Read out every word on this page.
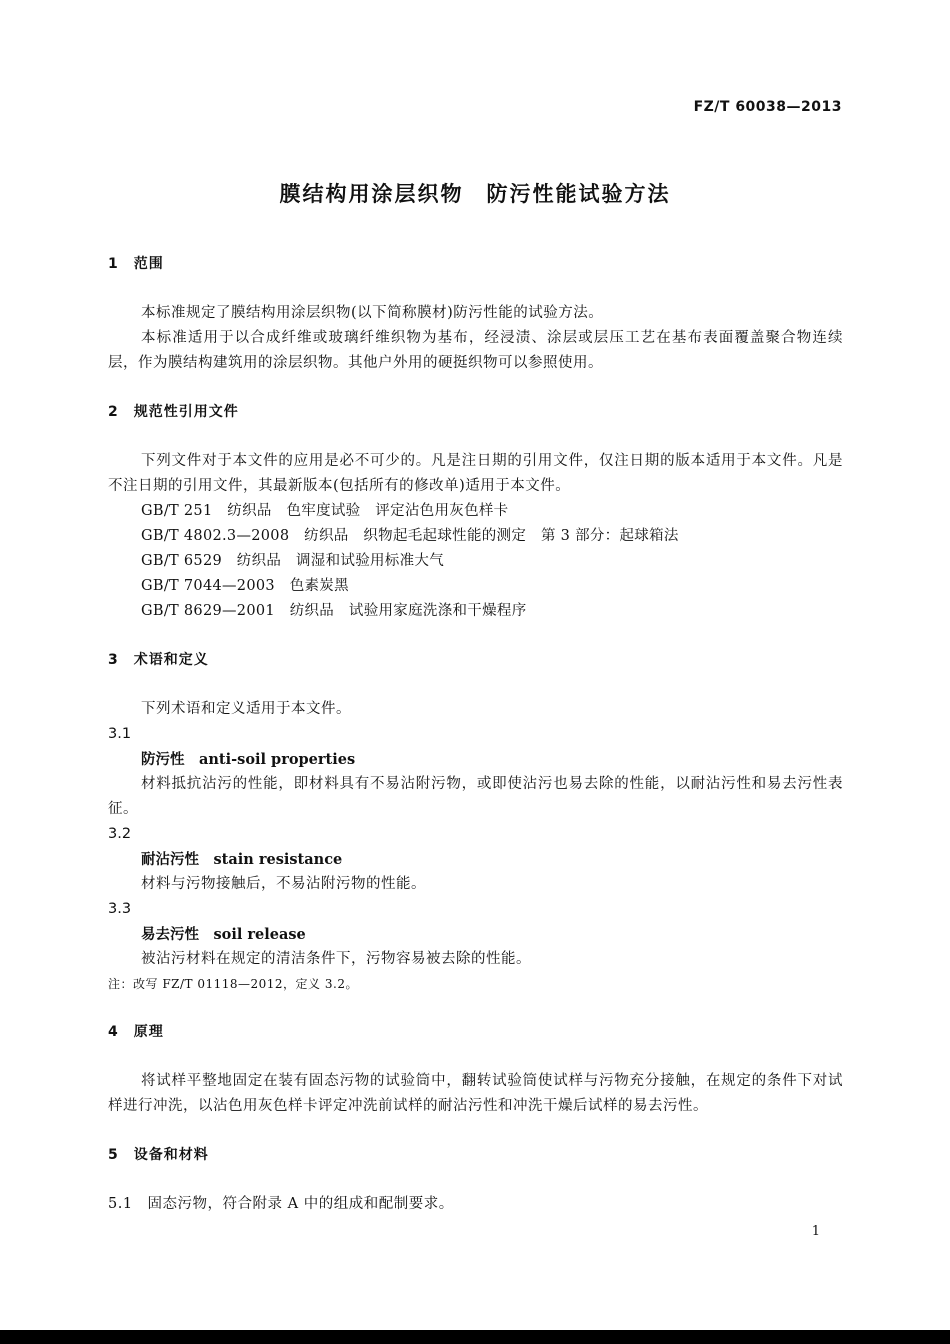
FZ/T 60038—2013
膜结构用涂层织物　防污性能试验方法
1　范围
本标准规定了膜结构用涂层织物(以下简称膜材)防污性能的试验方法。
本标准适用于以合成纤维或玻璃纤维织物为基布，经浸渍、涂层或层压工艺在基布表面覆盖聚合物连续层，作为膜结构建筑用的涂层织物。其他户外用的硬挺织物可以参照使用。
2　规范性引用文件
下列文件对于本文件的应用是必不可少的。凡是注日期的引用文件，仅注日期的版本适用于本文件。凡是不注日期的引用文件，其最新版本(包括所有的修改单)适用于本文件。
GB/T 251　纺织品　色牢度试验　评定沾色用灰色样卡
GB/T 4802.3—2008　纺织品　织物起毛起球性能的测定　第 3 部分：起球箱法
GB/T 6529　纺织品　调湿和试验用标准大气
GB/T 7044—2003　色素炭黑
GB/T 8629—2001　纺织品　试验用家庭洗涤和干燥程序
3　术语和定义
下列术语和定义适用于本文件。
3.1
防污性　anti-soil properties
材料抵抗沾污的性能，即材料具有不易沾附污物，或即使沾污也易去除的性能，以耐沾污性和易去污性表征。
3.2
耐沾污性　stain resistance
材料与污物接触后，不易沾附污物的性能。
3.3
易去污性　soil release
被沾污材料在规定的清洁条件下，污物容易被去除的性能。
注：改写 FZ/T 01118—2012，定义 3.2。
4　原理
将试样平整地固定在装有固态污物的试验筒中，翻转试验筒使试样与污物充分接触，在规定的条件下对试样进行冲洗，以沾色用灰色样卡评定冲洗前试样的耐沾污性和冲洗干燥后试样的易去污性。
5　设备和材料
5.1　固态污物，符合附录 A 中的组成和配制要求。
1
